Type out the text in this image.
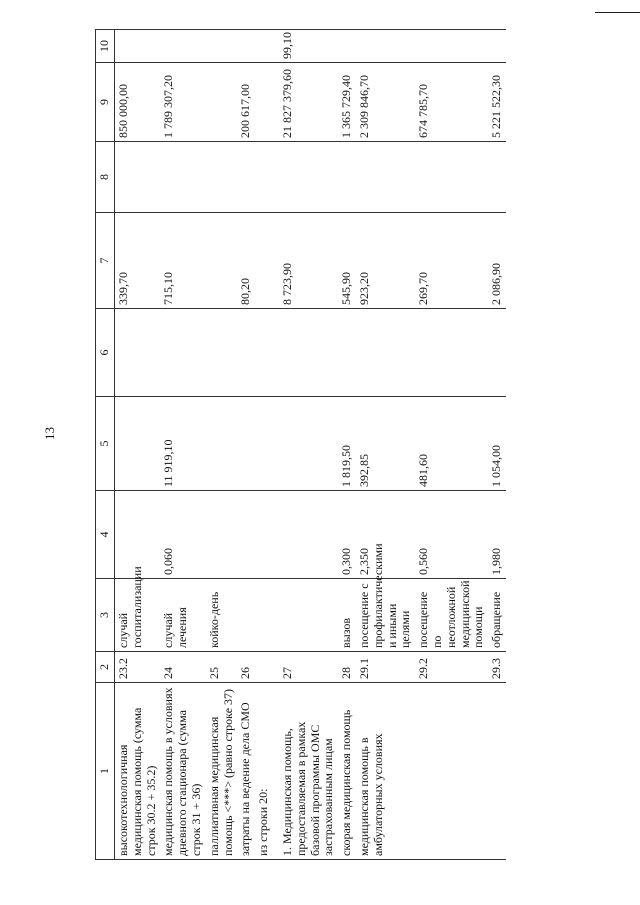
13
1	2	3	4	5	6	7	8	9	10
высокотехнологичная медицинская помощь (сумма строк 30.2 + 35.2)	23.2	случай госпитализации				339,70		850 000,00	
медицинская помощь в условиях дневного стационара (сумма строк 31 + 36)	24	случай лечения	0,060	11 919,10		715,10		1 789 307,20	
паллиативная медицинская помощь <***> (равно строке 37)	25	койко-день							
затраты на ведение дела СМО	26					80,20		200 617,00	
из строки 20:									
1. Медицинская помощь, предоставляемая в рамках базовой программы ОМС застрахованным лицам	27					8 723,90		21 827 379,60	99,10
скорая медицинская помощь	28	вызов	0,300	1 819,50		545,90		1 365 729,40	
медицинская помощь в амбулаторных условиях	29.1	посещение с профилактическими и иными целями	2,350	392,85		923,20		2 309 846,70	
	29.2	посещение по неотложной медицинской помощи	0,560	481,60		269,70		674 785,70	
	29.3	обращение	1,980	1 054,00		2 086,90		5 221 522,30	
